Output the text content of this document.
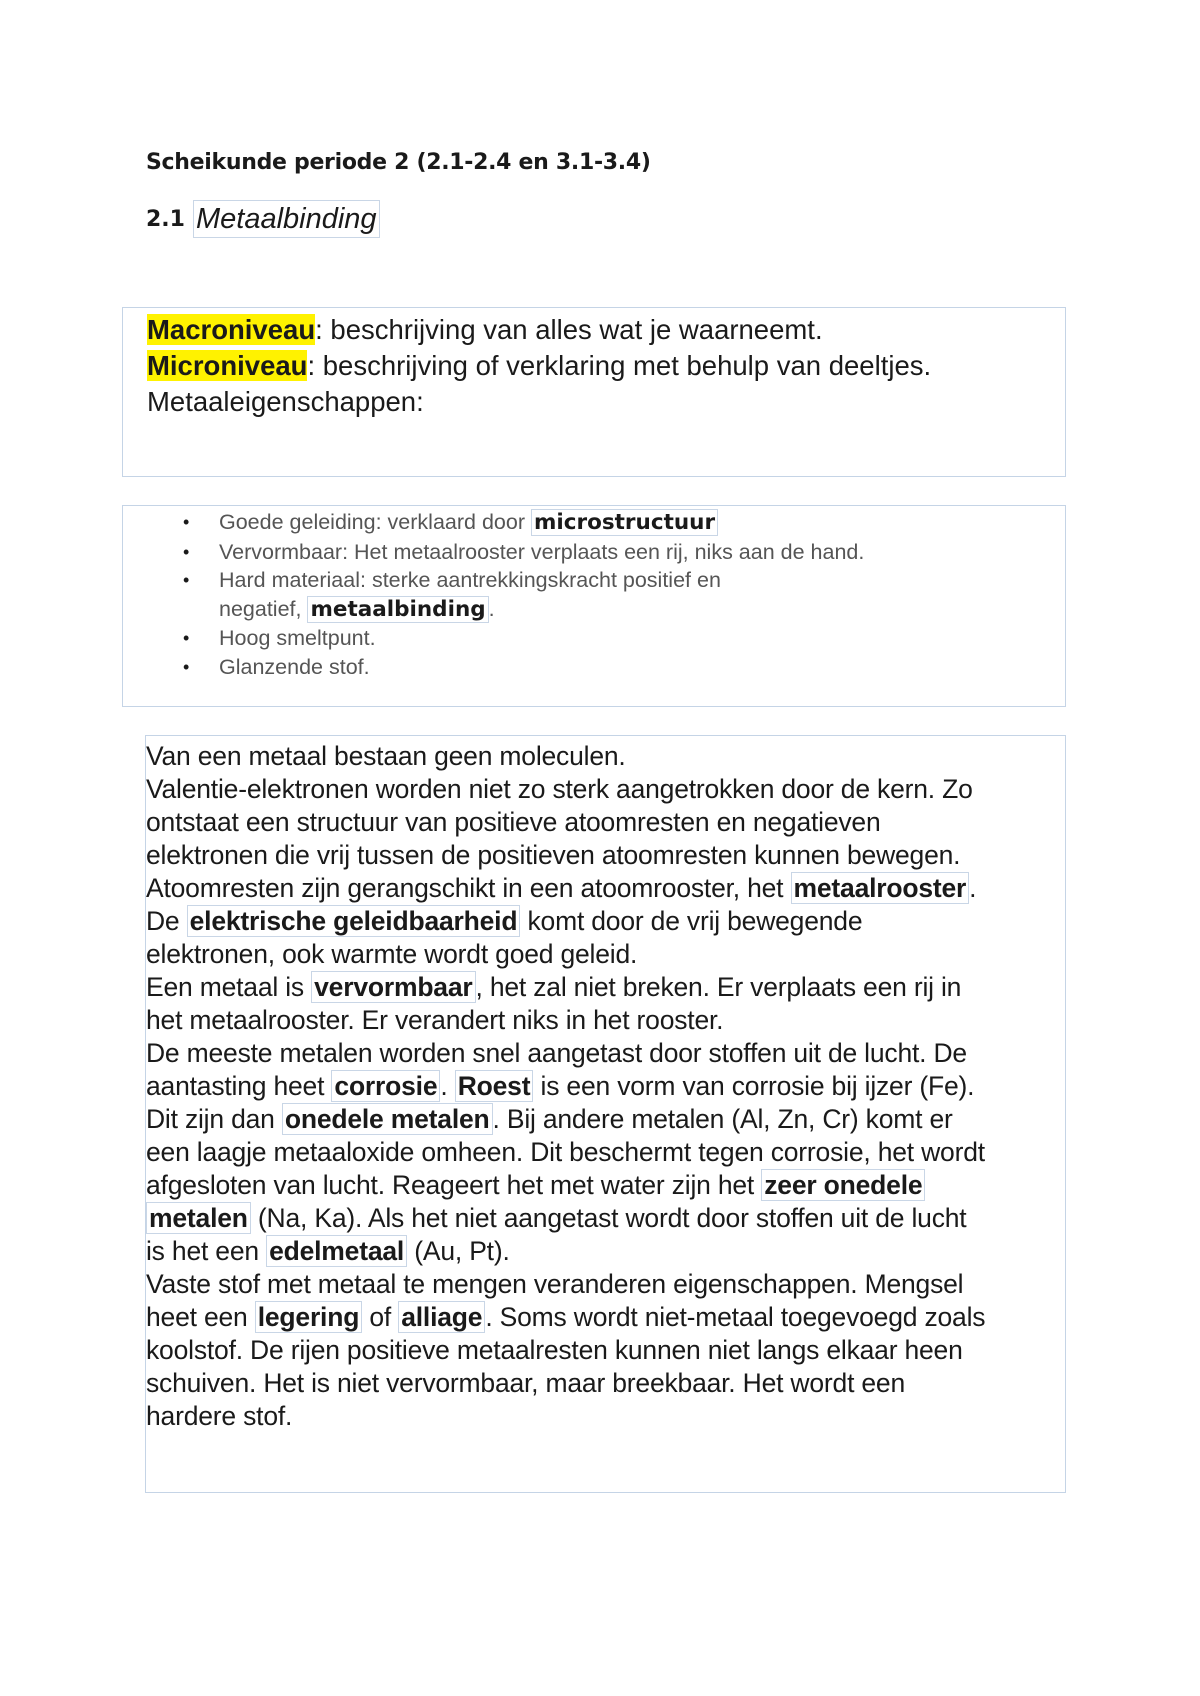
Scheikunde periode 2 (2.1-2.4 en 3.1-3.4)
2.1 Metaalbinding

Macroniveau: beschrijving van alles wat je waarneemt.

Microniveau: beschrijving of verklaring met behulp van deeltjes.

Metaaleigenschappen:

• Goede geleiding: verklaard door microstructuur
• Vervormbaar: Het metaalrooster verplaats een rij, niks aan de hand.
• Hard materiaal: sterke aantrekkingskracht positief en
negatief, metaalbinding .
• Hoog smeltpunt.
• Glanzende stof.

Van een metaal bestaan geen moleculen.

Valentie-elektronen worden niet zo sterk aangetrokken door de kern. Zo

ontstaat een structuur van positieve atoomresten en negatieven

elektronen die vrij tussen de positieven atoomresten kunnen bewegen.

Atoomresten zijn gerangschikt in een atoomrooster, het metaalrooster .

De elektrische geleidbaarheid komt door de vrij bewegende

elektronen, ook warmte wordt goed geleid.

Een metaal is vervormbaar , het zal niet breken. Er verplaats een rij in

het metaalrooster. Er verandert niks in het rooster.

De meeste metalen worden snel aangetast door stoffen uit de lucht. De

aantasting heet corrosie . Roest is een vorm van corrosie bij ijzer (Fe).

Dit zijn dan onedele metalen . Bij andere metalen (Al, Zn, Cr) komt er

een laagje metaaloxide omheen. Dit beschermt tegen corrosie, het wordt

afgesloten van lucht. Reageert het met water zijn het zeer onedele

metalen (Na, Ka). Als het niet aangetast wordt door stoffen uit de lucht

is het een edelmetaal (Au, Pt).

Vaste stof met metaal te mengen veranderen eigenschappen. Mengsel

heet een legering of alliage . Soms wordt niet-metaal toegevoegd zoals

koolstof. De rijen positieve metaalresten kunnen niet langs elkaar heen

schuiven. Het is niet vervormbaar, maar breekbaar. Het wordt een

hardere stof.
